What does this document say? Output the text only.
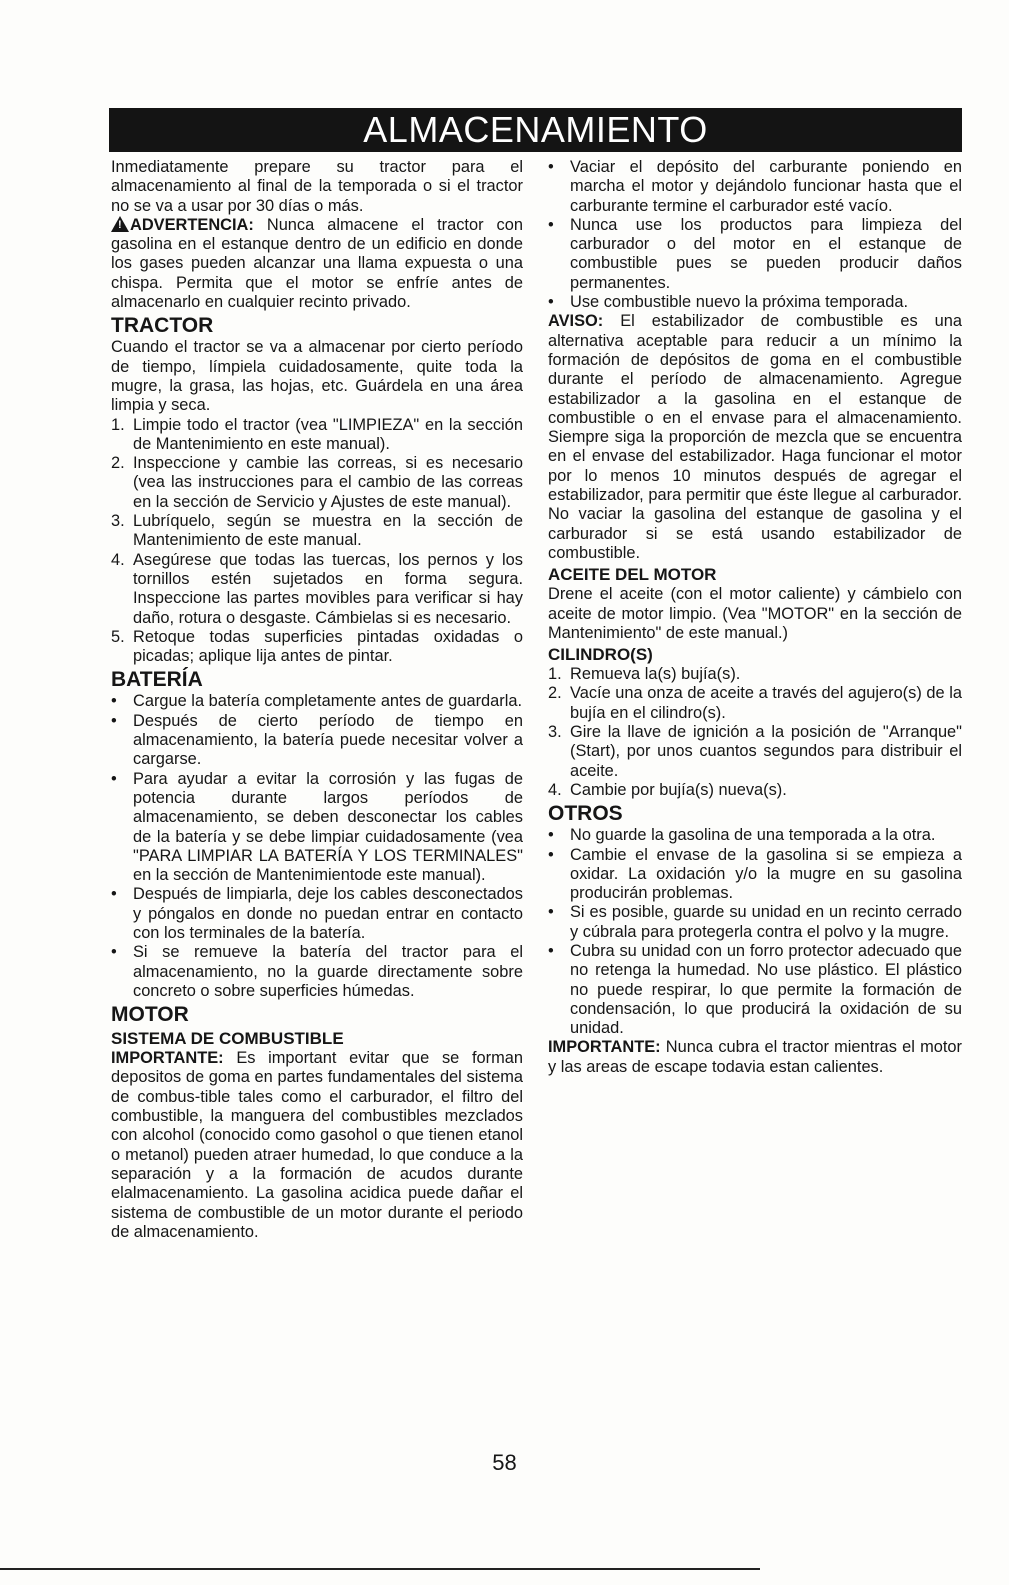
ALMACENAMIENTO

Inmediatamente prepare su tractor para el almacenamiento al final de la temporada o si el tractor no se va a usar por 30 días o más.

!ADVERTENCIA: Nunca almacene el tractor con gasolina en el estanque dentro de un edificio en donde los gases pueden alcanzar una llama expuesta o una chispa. Permita que el motor se enfríe antes de almacenarlo en cualquier recinto privado.

TRACTOR

Cuando el tractor se va a almacenar por cierto período de tiempo, límpiela cuidadosamente, quite toda la mugre, la grasa, las hojas, etc. Guárdela en una área limpia y seca.

1. Limpie todo el tractor (vea "LIMPIEZA" en la sección de Mantenimiento en este manual).
2. Inspeccione y cambie las correas, si es necesario (vea las instrucciones para el cambio de las correas en la sección de Servicio y Ajustes de este manual).
3. Lubríquelo, según se muestra en la sección de Mantenimiento de este manual.
4. Asegúrese que todas las tuercas, los pernos y los tornillos estén sujetados en forma segura. Inspeccione las partes movibles para verificar si hay daño, rotura o desgaste. Cámbielas si es necesario.
5. Retoque todas superficies pintadas oxidadas o picadas; aplique lija antes de pintar.
BATERÍA
• Cargue la batería completamente antes de guardarla.
• Después de cierto período de tiempo en almacenamiento, la batería puede necesitar volver a cargarse.
• Para ayudar a evitar la corrosión y las fugas de potencia durante largos períodos de almacenamiento, se deben desconectar los cables de la batería y se debe limpiar cuidadosamente (vea "PARA LIMPIAR LA BATERÍA Y LOS TERMINALES" en la sección de Mantenimientode este manual).
• Después de limpiarla, deje los cables desconectados y póngalos en donde no puedan entrar en contacto con los terminales de la batería.
• Si se remueve la batería del tractor para el almacenamiento, no la guarde directamente sobre concreto o sobre superficies húmedas.
MOTOR
SISTEMA DE COMBUSTIBLE

IMPORTANTE: Es important evitar que se forman depositos de goma en partes fundamentales del sistema de combus-tible tales como el carburador, el filtro del combustible, la manguera del combustibles mezclados con alcohol (conocido como gasohol o que tienen etanol o metanol) pueden atraer humedad, lo que conduce a la separación y a la formación de acudos durante elalmacenamiento. La gasolina acidica puede dañar el sistema de combustible de un motor durante el periodo de almacenamiento.

• Vaciar el depósito del carburante poniendo en marcha el motor y dejándolo funcionar hasta que el carburante termine el carburador esté vacío.
• Nunca use los productos para limpieza del carburador o del motor en el estanque de combustible pues se pueden producir daños permanentes.
• Use combustible nuevo la próxima temporada.

AVISO: El estabilizador de combustible es una alternativa aceptable para reducir a un mínimo la formación de depósitos de goma en el combustible durante el período de almacenamiento. Agregue estabilizador a la gasolina en el estanque de combustible o en el envase para el almacenamiento. Siempre siga la proporción de mezcla que se encuentra en el envase del estabilizador. Haga funcionar el motor por lo menos 10 minutos después de agregar el estabilizador, para permitir que éste llegue al carburador. No vaciar la gasolina del estanque de gasolina y el carburador si se está usando estabilizador de combustible.

ACEITE DEL MOTOR

Drene el aceite (con el motor caliente) y cámbielo con aceite de motor limpio. (Vea "MOTOR" en la sección de Mantenimiento" de este manual.)

CILINDRO(S)
1. Remueva la(s) bujía(s).
2. Vacíe una onza de aceite a través del agujero(s) de la bujía en el cilindro(s).
3. Gire la llave de ignición a la posición de "Arranque" (Start), por unos cuantos segundos para distribuir el aceite.
4. Cambie por bujía(s) nueva(s).
OTROS
• No guarde la gasolina de una temporada a la otra.
• Cambie el envase de la gasolina si se empieza a oxidar. La oxidación y/o la mugre en su gasolina producirán problemas.
• Si es posible, guarde su unidad en un recinto cerrado y cúbrala para protegerla contra el polvo y la mugre.
• Cubra su unidad con un forro protector adecuado que no retenga la humedad. No use plástico. El plástico no puede respirar, lo que permite la formación de condensación, lo que producirá la oxidación de su unidad.

IMPORTANTE: Nunca cubra el tractor mientras el motor y las areas de escape todavia estan calientes.

58
